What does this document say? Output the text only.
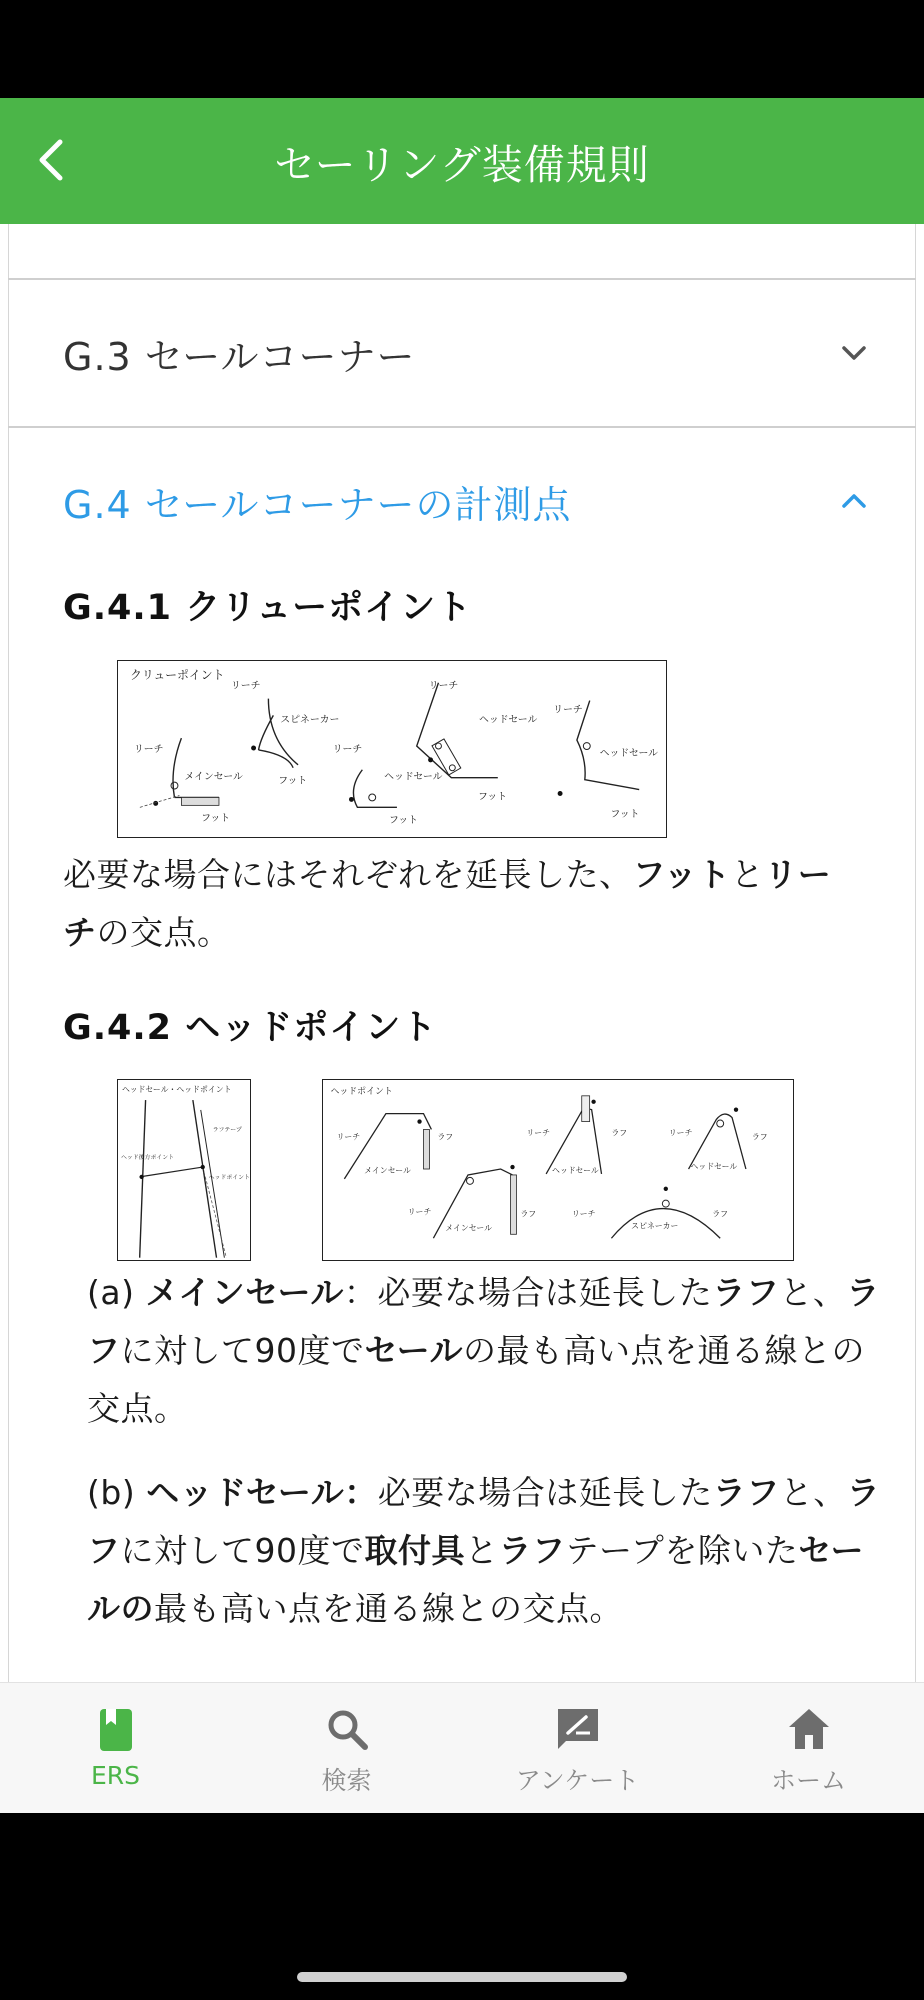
セーリング装備規則
G.3 セールコーナー
G.4 セールコーナーの計測点
G.4.1 クリューポイント
クリューポイント
リーチ
メインセール
フット
リーチ
スピネーカー
フット
リーチ
ヘッドセール
フット
リーチ
ヘッドセール
フット
リーチ
ヘッドセール
フット
必要な場合にはそれぞれを延長した、フットとリーチの交点。
G.4.2 ヘッドポイント
ヘッドセール・ヘッドポイント
ラフテープ
ヘッド後方ポイント
ヘッドポイント
ヘッドポイント
リーチ	ラフ
メインセール
リーチ	ラフ
メインセール
リーチ	ラフ
ヘッドセール
リーチ	ラフ
ヘッドセール
リーチ	ラフ
スピネーカー
(a) メインセール：必要な場合は延長したラフと、ラフに対して90度でセールの最も高い点を通る線との交点。
(b) ヘッドセール：必要な場合は延長したラフと、ラフに対して90度で取付具とラフテープを除いたセールの最も高い点を通る線との交点。
ERS	検索	アンケート	ホーム
